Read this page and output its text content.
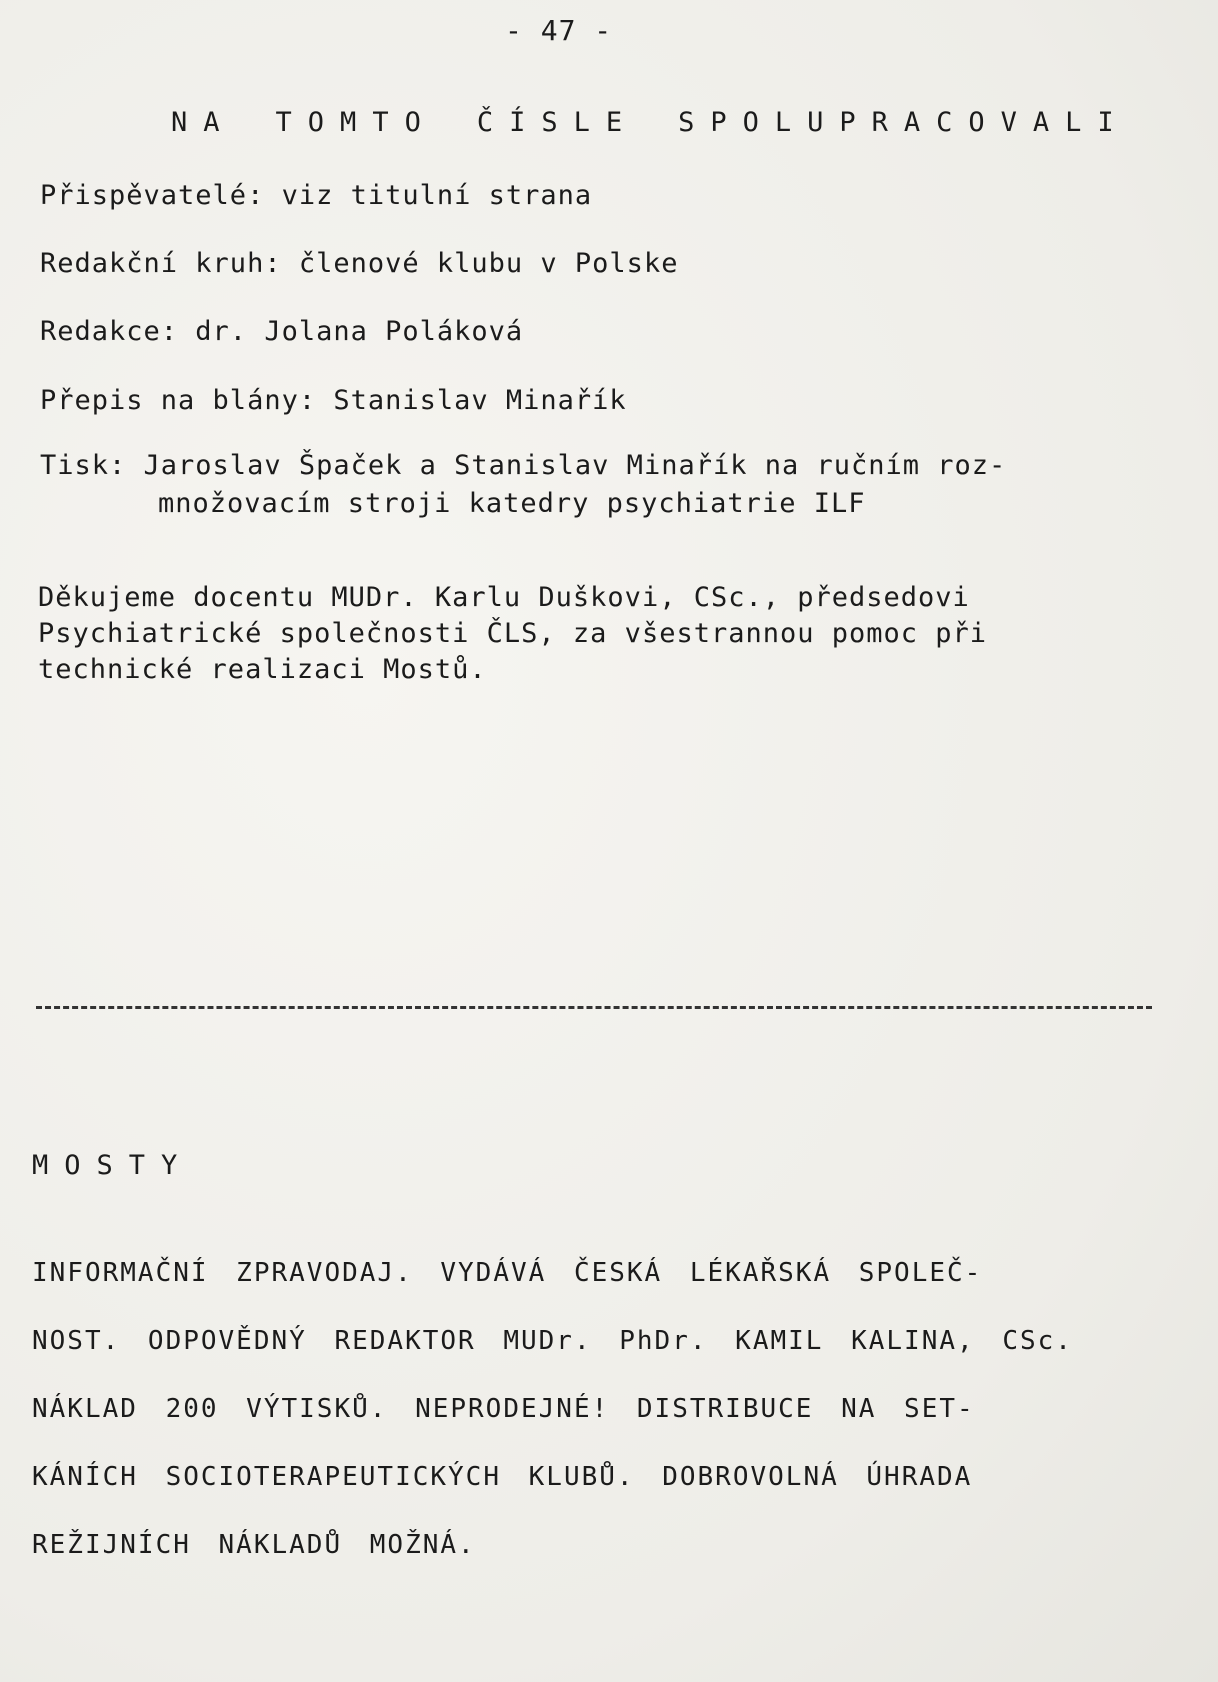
- 47 -

NA TOMTO ČÍSLE SPOLUPRACOVALI

Přispěvatelé: viz titulní strana
Redakční kruh: členové klubu v Polske
Redakce: dr. Jolana Poláková
Přepis na blány: Stanislav Minařík
Tisk: Jaroslav Špaček a Stanislav Minařík na ručním roz-
množovacím stroji katedry psychiatrie ILF
Děkujeme docentu MUDr. Karlu Duškovi, CSc., předsedovi
Psychiatrické společnosti ČLS, za všestrannou pomoc při
technické realizaci Mostů.
MOSTY
INFORMAČNÍ ZPRAVODAJ. VYDÁVÁ ČESKÁ LÉKAŘSKÁ SPOLEČ-
NOST. ODPOVĚDNÝ REDAKTOR MUDr. PhDr. KAMIL KALINA, CSc.
NÁKLAD 200 VÝTISKŮ. NEPRODEJNÉ! DISTRIBUCE NA SET-
KÁNÍCH SOCIOTERAPEUTICKÝCH KLUBŮ. DOBROVOLNÁ ÚHRADA
REŽIJNÍCH NÁKLADŮ MOŽNÁ.
